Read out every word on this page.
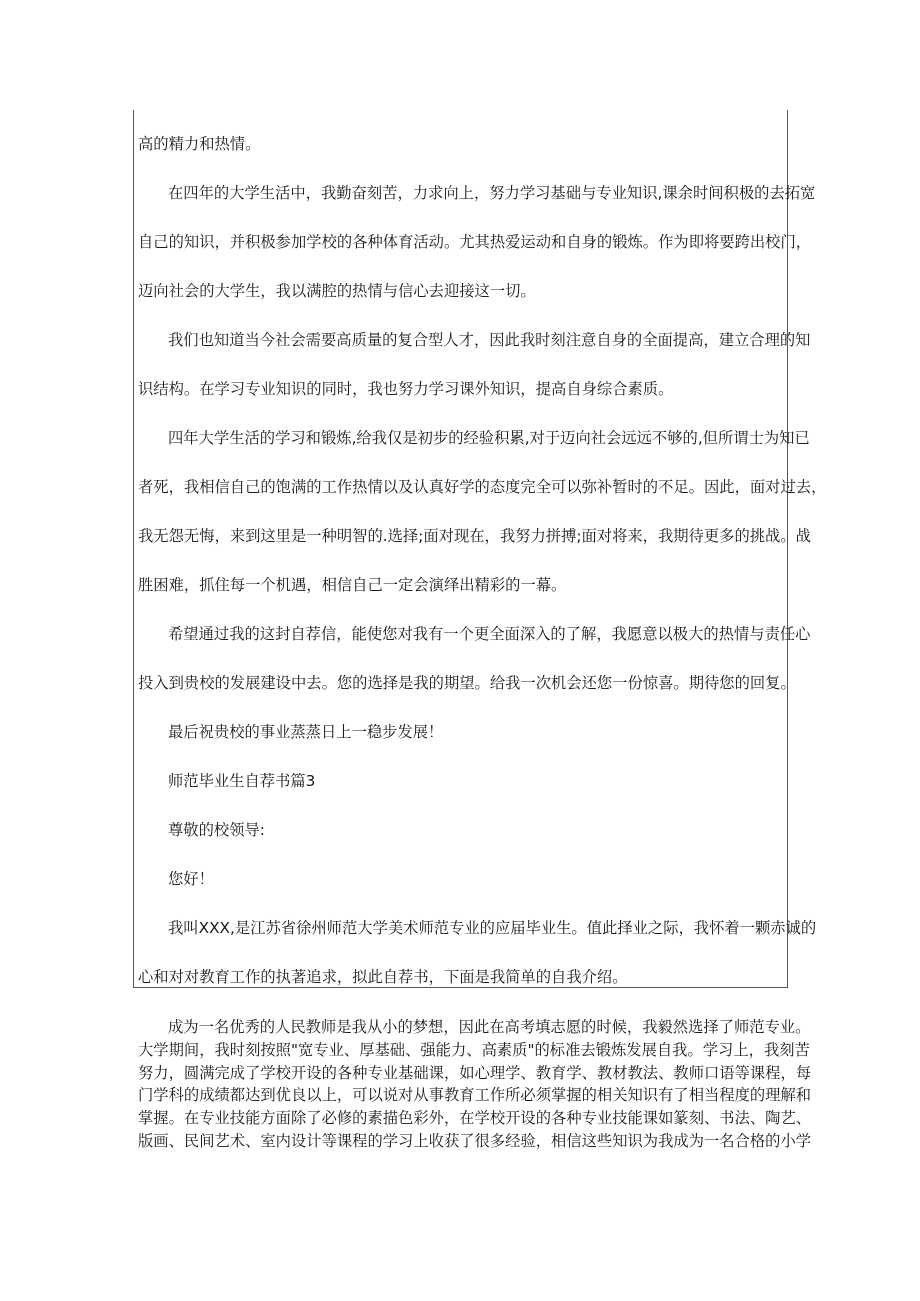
高的精力和热情。
在四年的大学生活中，我勤奋刻苦，力求向上，努力学习基础与专业知识,课余时间积极的去拓宽
自己的知识，并积极参加学校的各种体育活动。尤其热爱运动和自身的锻炼。作为即将要跨出校门，
迈向社会的大学生，我以满腔的热情与信心去迎接这一切。
我们也知道当今社会需要高质量的复合型人才，因此我时刻注意自身的全面提高，建立合理的知
识结构。在学习专业知识的同时，我也努力学习课外知识，提高自身综合素质。
四年大学生活的学习和锻炼,给我仅是初步的经验积累,对于迈向社会远远不够的,但所谓士为知已
者死，我相信自己的饱满的工作热情以及认真好学的态度完全可以弥补暂时的不足。因此，面对过去，
我无怨无悔，来到这里是一种明智的.选择;面对现在，我努力拼搏;面对将来，我期待更多的挑战。战
胜困难，抓住每一个机遇，相信自己一定会演绎出精彩的一幕。
希望通过我的这封自荐信，能使您对我有一个更全面深入的了解，我愿意以极大的热情与责任心
投入到贵校的发展建设中去。您的选择是我的期望。给我一次机会还您一份惊喜。期待您的回复。
最后祝贵校的事业蒸蒸日上一稳步发展！
师范毕业生自荐书篇3
尊敬的校领导:
您好！
我叫XXX,是江苏省徐州师范大学美术师范专业的应届毕业生。值此择业之际，我怀着一颗赤诚的
心和对对教育工作的执著追求，拟此自荐书，下面是我简单的自我介绍。
成为一名优秀的人民教师是我从小的梦想，因此在高考填志愿的时候，我毅然选择了师范专业。
大学期间，我时刻按照"宽专业、厚基础、强能力、高素质"的标准去锻炼发展自我。学习上，我刻苦
努力，圆满完成了学校开设的各种专业基础课，如心理学、教育学、教材教法、教师口语等课程，每
门学科的成绩都达到优良以上，可以说对从事教育工作所必须掌握的相关知识有了相当程度的理解和
掌握。在专业技能方面除了必修的素描色彩外，在学校开设的各种专业技能课如篆刻、书法、陶艺、
版画、民间艺术、室内设计等课程的学习上收获了很多经验，相信这些知识为我成为一名合格的小学
